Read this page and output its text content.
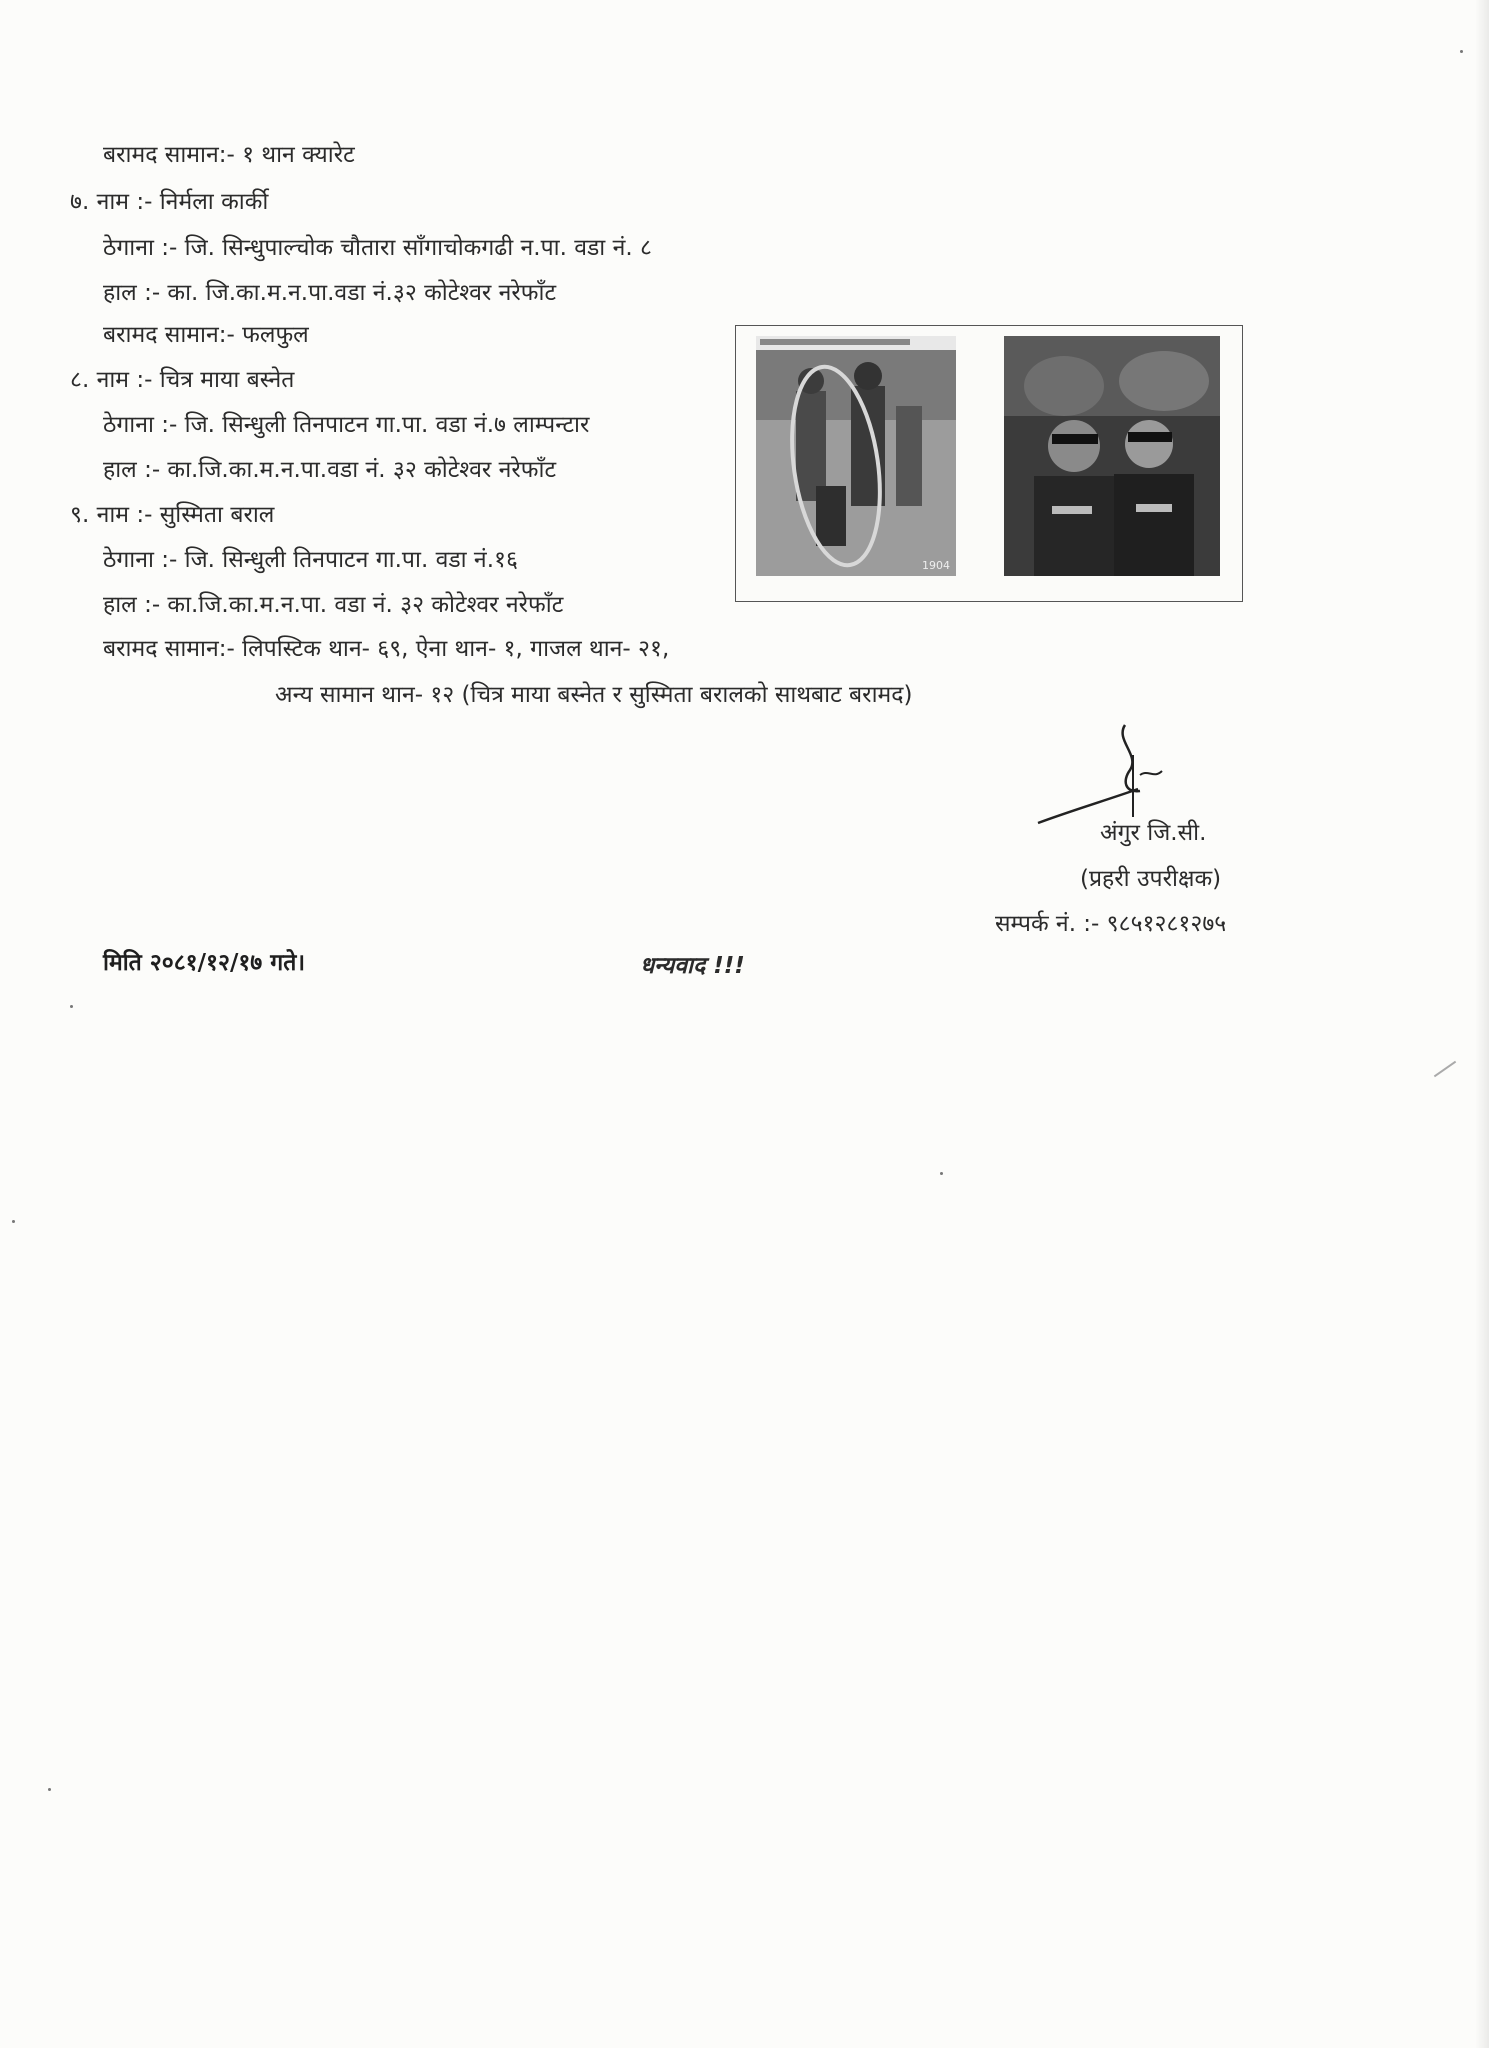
बरामद सामान:- १ थान क्यारेट
७. नाम :- निर्मला कार्की
ठेगाना :- जि. सिन्धुपाल्चोक चौतारा साँगाचोकगढी न.पा. वडा नं. ८
हाल :- का. जि.का.म.न.पा.वडा नं.३२ कोटेश्वर नरेफाँट
बरामद सामान:- फलफुल
८. नाम :- चित्र माया बस्नेत
ठेगाना :- जि. सिन्धुली तिनपाटन गा.पा. वडा नं.७ लाम्पन्टार
हाल :- का.जि.का.म.न.पा.वडा नं. ३२ कोटेश्वर नरेफाँट
९. नाम :- सुस्मिता बराल
ठेगाना :- जि. सिन्धुली तिनपाटन गा.पा. वडा नं.१६
हाल :- का.जि.का.म.न.पा. वडा नं. ३२ कोटेश्वर नरेफाँट
बरामद सामान:- लिपस्टिक थान- ६९, ऐना थान- १, गाजल थान- २१,
अन्य सामान थान- १२ (चित्र माया बस्नेत र सुस्मिता बरालको साथबाट बरामद)
1904
अंगुर जि.सी.
(प्रहरी उपरीक्षक)
सम्पर्क नं. :- ९८५१२८१२७५
मिति २०८१/१२/१७ गते।	धन्यवाद !!!
